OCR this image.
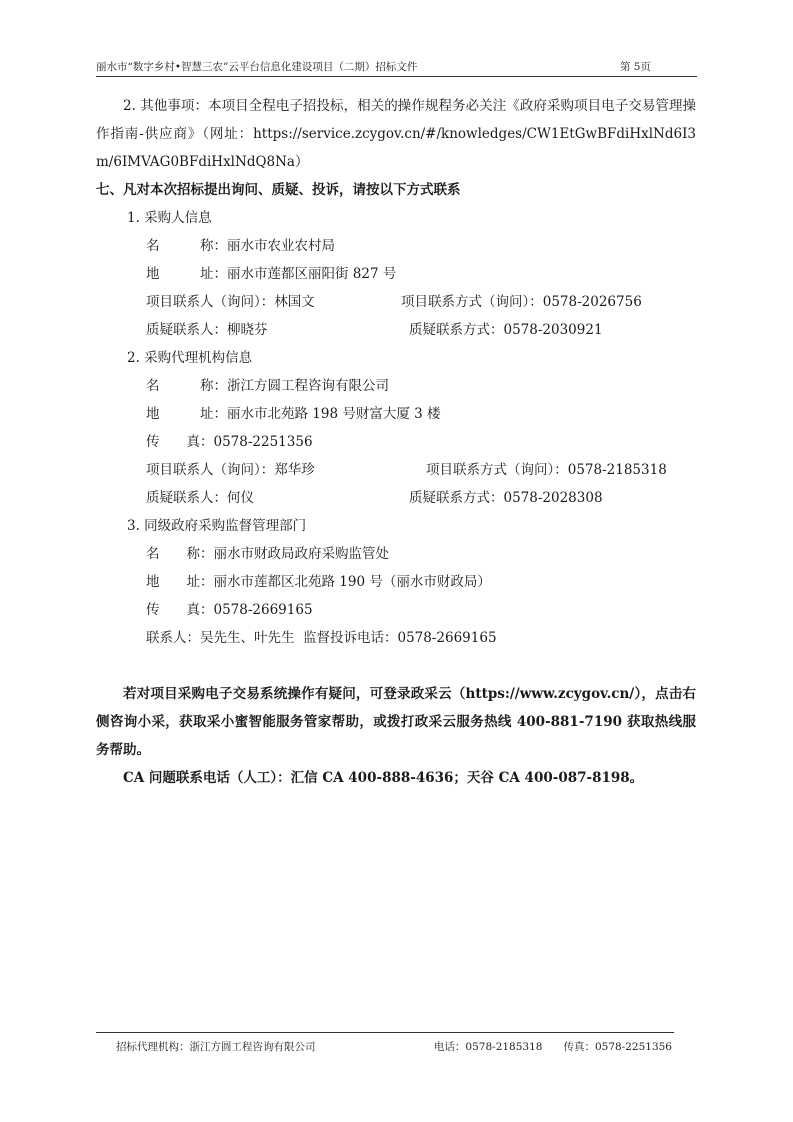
丽水市“数字乡村•智慧三农”云平台信息化建设项目（二期）招标文件	第 5页

2. 其他事项：本项目全程电子招投标，相关的操作规程务必关注《政府采购项目电子交易管理操作指南-供应商》（网址：https://service.zcygov.cn/#/knowledges/CW1EtGwBFdiHxlNd6I3m/6IMVAG0BFdiHxlNdQ8Na）

七、凡对本次招标提出询问、质疑、投诉，请按以下方式联系

1. 采购人信息

名　　　称：丽水市农业农村局
地　　　址：丽水市莲都区丽阳街 827 号
项目联系人（询问）：林国文	项目联系方式（询问）：0578-2026756
质疑联系人：柳晓芬	质疑联系方式：0578-2030921

2. 采购代理机构信息

名　　　称：浙江方圆工程咨询有限公司
地　　　址：丽水市北苑路 198 号财富大厦 3 楼
传　　真：0578-2251356
项目联系人（询问）：郑华珍	项目联系方式（询问）：0578-2185318
质疑联系人：何仪	质疑联系方式：0578-2028308

3. 同级政府采购监督管理部门

名　　称：丽水市财政局政府采购监管处
地　　址：丽水市莲都区北苑路 190 号（丽水市财政局）
传　　真：0578-2669165
联系人：吴先生、叶先生 监督投诉电话：0578-2669165

若对项目采购电子交易系统操作有疑问，可登录政采云（https://www.zcygov.cn/），点击右侧咨询小采，获取采小蜜智能服务管家帮助，或拨打政采云服务热线 400-881-7190 获取热线服务帮助。

CA 问题联系电话（人工）：汇信 CA 400-888-4636；天谷 CA 400-087-8198。

招标代理机构：浙江方圆工程咨询有限公司	电话：0578-2185318　　传真：0578-2251356
